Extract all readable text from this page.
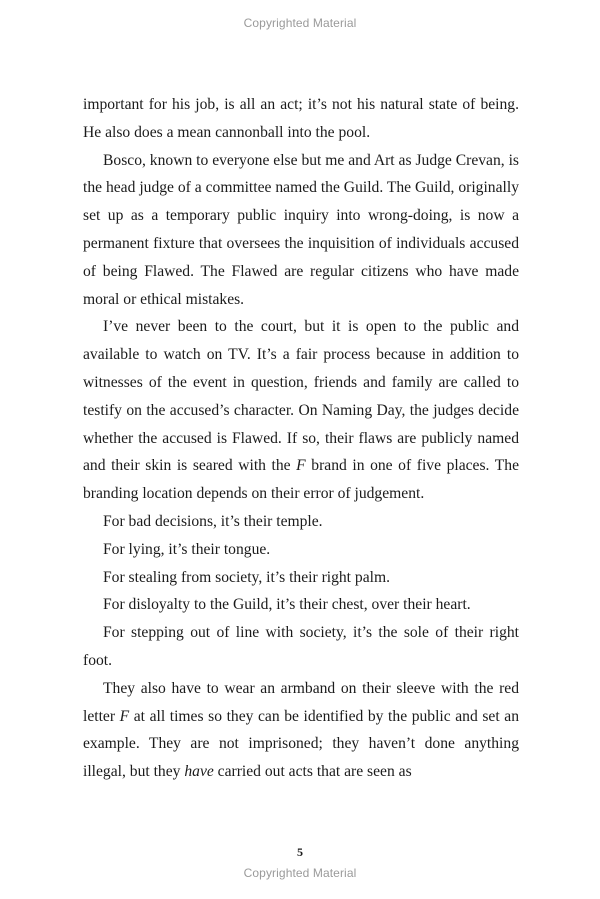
Copyrighted Material

important for his job, is all an act; it’s not his natural state of being. He also does a mean cannonball into the pool.

Bosco, known to everyone else but me and Art as Judge Crevan, is the head judge of a committee named the Guild. The Guild, originally set up as a temporary public inquiry into wrong-doing, is now a permanent fixture that oversees the inquisition of individuals accused of being Flawed. The Flawed are regular citizens who have made moral or ethical mistakes.

I’ve never been to the court, but it is open to the public and available to watch on TV. It’s a fair process because in addition to witnesses of the event in question, friends and family are called to testify on the accused’s character. On Naming Day, the judges decide whether the accused is Flawed. If so, their flaws are publicly named and their skin is seared with the F brand in one of five places. The branding location depends on their error of judgement.

For bad decisions, it’s their temple.

For lying, it’s their tongue.

For stealing from society, it’s their right palm.

For disloyalty to the Guild, it’s their chest, over their heart.

For stepping out of line with society, it’s the sole of their right foot.

They also have to wear an armband on their sleeve with the red letter F at all times so they can be identified by the public and set an example. They are not imprisoned; they haven’t done anything illegal, but they have carried out acts that are seen as

5
Copyrighted Material
